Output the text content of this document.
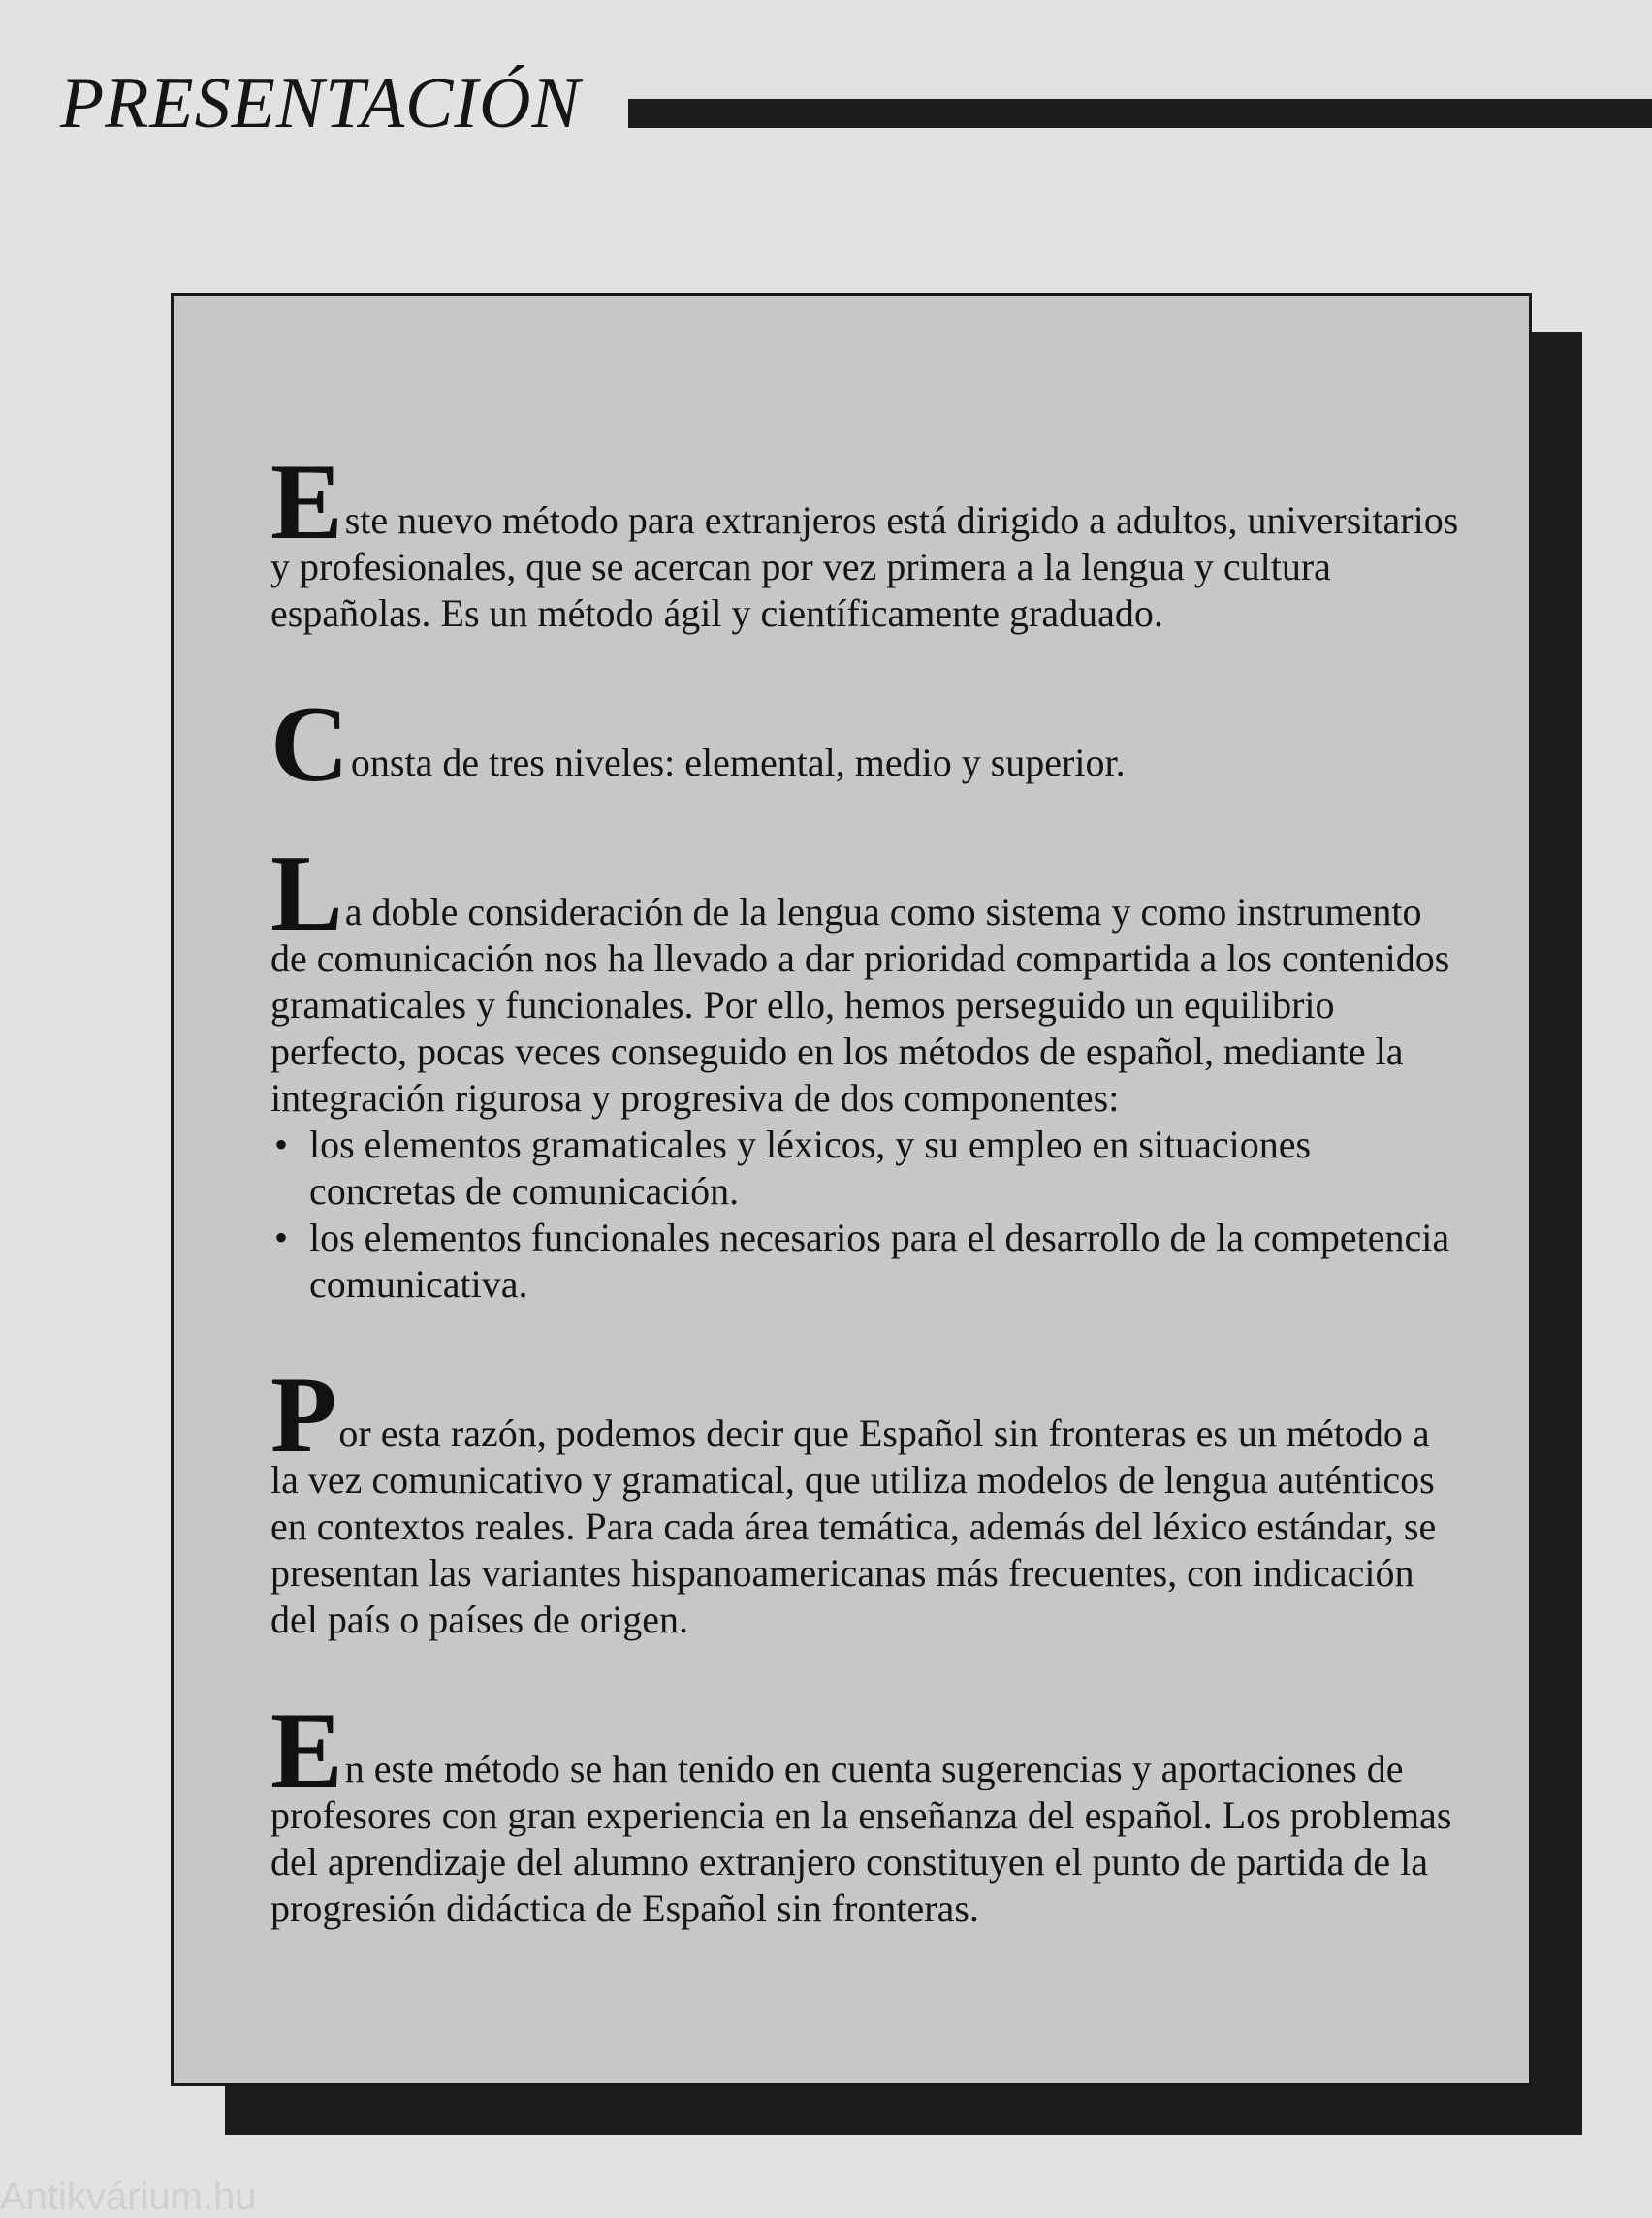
PRESENTACIÓN

E ste nuevo método para extranjeros está dirigido a adultos, universitarios y profesionales, que se acercan por vez primera a la lengua y cultura españolas. Es un método ágil y científicamente graduado.

C onsta de tres niveles: elemental, medio y superior.

L a doble consideración de la lengua como sistema y como instrumento de comunicación nos ha llevado a dar prioridad compartida a los contenidos gramaticales y funcionales. Por ello, hemos perseguido un equilibrio perfecto, pocas veces conseguido en los métodos de español, mediante la integración rigurosa y progresiva de dos componentes:
• los elementos gramaticales y léxicos, y su empleo en situaciones concretas de comunicación.
• los elementos funcionales necesarios para el desarrollo de la competencia comunicativa.

P or esta razón, podemos decir que Español sin fronteras es un método a la vez comunicativo y gramatical, que utiliza modelos de lengua auténticos en contextos reales. Para cada área temática, además del léxico estándar, se presentan las variantes hispanoamericanas más frecuentes, con indicación del país o países de origen.

E n este método se han tenido en cuenta sugerencias y aportaciones de profesores con gran experiencia en la enseñanza del español. Los problemas del aprendizaje del alumno extranjero constituyen el punto de partida de la progresión didáctica de Español sin fronteras.

Antikvárium.hu
